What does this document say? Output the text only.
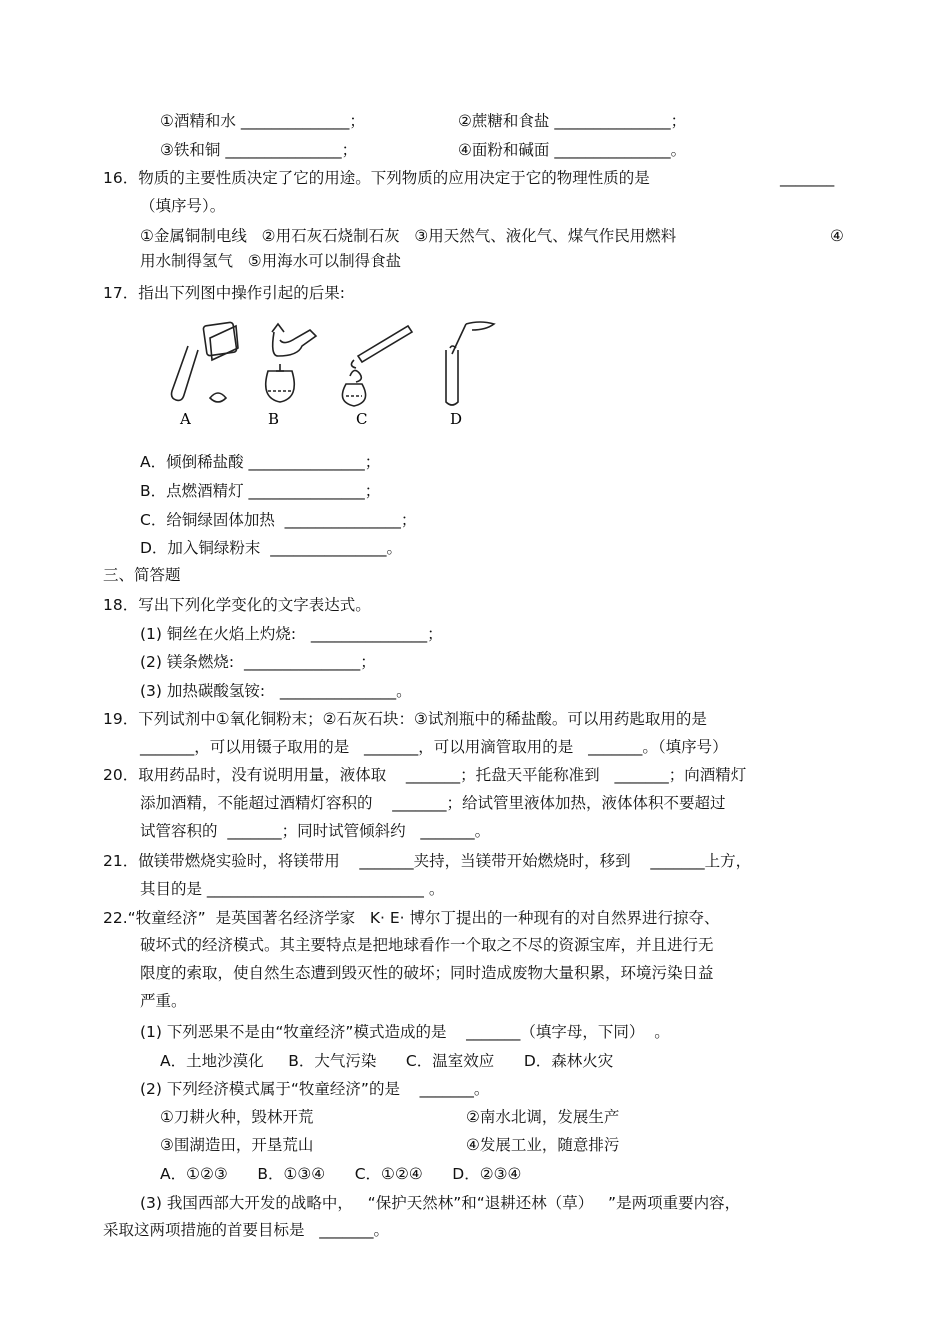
①酒精和水 ______________；	②蔗糖和食盐 _______________；
③铁和铜 _______________；	④面粉和碱面 _______________。
16．物质的主要性质决定了它的用途。下列物质的应用决定于它的物理性质的是	_______
（填序号）。
①金属铜制电线   ②用石灰石烧制石灰   ③用天然气、液化气、煤气作民用燃料	④
用水制得氢气   ⑤用海水可以制得食盐
17．指出下列图中操作引起的后果:
A	B	C	D
A．倾倒稀盐酸 _______________；
B．点燃酒精灯 _______________；
C．给铜绿固体加热  _______________；
D．加入铜绿粉末  _______________。
三、简答题
18．写出下列化学变化的文字表达式。
(1) 铜丝在火焰上灼烧:   _______________；
(2) 镁条燃烧:  _______________；
(3) 加热碳酸氢铵:   _______________。
19．下列试剂中①氧化铜粉末；②石灰石块：③试剂瓶中的稀盐酸。可以用药匙取用的是
_______，可以用镊子取用的是   _______，可以用滴管取用的是   _______。（填序号）
20．取用药品时，没有说明用量，液体取    _______；托盘天平能称准到   _______；向酒精灯
添加酒精，不能超过酒精灯容积的    _______；给试管里液体加热，液体体积不要超过
试管容积的  _______；同时试管倾斜约   _______。
21．做镁带燃烧实验时，将镁带用    _______夹持，当镁带开始燃烧时，移到    _______上方，
其目的是 ____________________________ 。
22.“牧童经济”  是英国著名经济学家   K· E· 博尔丁提出的一种现有的对自然界进行掠夺、
破坏式的经济模式。其主要特点是把地球看作一个取之不尽的资源宝库，并且进行无
限度的索取，使自然生态遭到毁灭性的破坏；同时造成废物大量积累，环境污染日益
严重。
(1) 下列恶果不是由“牧童经济”模式造成的是    _______（填字母，下同）  。
A．土地沙漠化     B．大气污染      C．温室效应      D．森林火灾
(2) 下列经济模式属于“牧童经济”的是    _______。
①刀耕火种，毁林开荒	②南水北调，发展生产
③围湖造田，开垦荒山	④发展工业，随意排污
A．①②③      B．①③④      C．①②④      D．②③④
(3) 我国西部大开发的战略中，   “保护天然林”和“退耕还林（草）   ”是两项重要内容，
采取这两项措施的首要目标是   _______。
